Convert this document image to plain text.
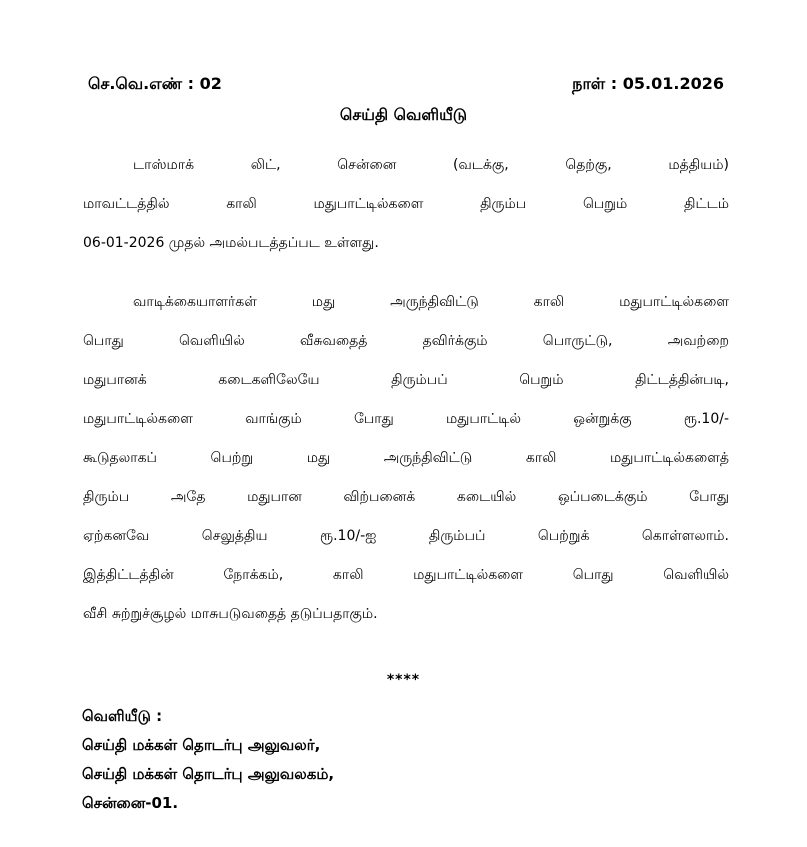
செ.வெ.எண் : 02	நாள் : 05.01.2026
செய்தி வெளியீடு
டாஸ்மாக் லிட், சென்னை (வடக்கு, தெற்கு, மத்தியம்)
மாவட்டத்தில் காலி மதுபாட்டில்களை திரும்ப பெறும் திட்டம்
06-01-2026 முதல் அமல்படத்தப்பட உள்ளது.
வாடிக்கையாளர்கள் மது அருந்திவிட்டு காலி மதுபாட்டில்களை
பொது வெளியில் வீசுவதைத் தவிர்க்கும் பொருட்டு, அவற்றை
மதுபானக் கடைகளிலேயே திரும்பப் பெறும் திட்டத்தின்படி,
மதுபாட்டில்களை வாங்கும் போது மதுபாட்டில் ஒன்றுக்கு ரூ.10/-
கூடுதலாகப் பெற்று மது அருந்திவிட்டு காலி மதுபாட்டில்களைத்
திரும்ப அதே மதுபான விற்பனைக் கடையில் ஒப்படைக்கும் போது
ஏற்கனவே செலுத்திய ரூ.10/-ஐ திரும்பப் பெற்றுக் கொள்ளலாம்.
இத்திட்டத்தின் நோக்கம், காலி மதுபாட்டில்களை பொது வெளியில்
வீசி சுற்றுச்சூழல் மாசுபடுவதைத் தடுப்பதாகும்.
****
வெளியீடு :
செய்தி மக்கள் தொடர்பு அலுவலர்,
செய்தி மக்கள் தொடர்பு அலுவலகம்,
சென்னை-01.
